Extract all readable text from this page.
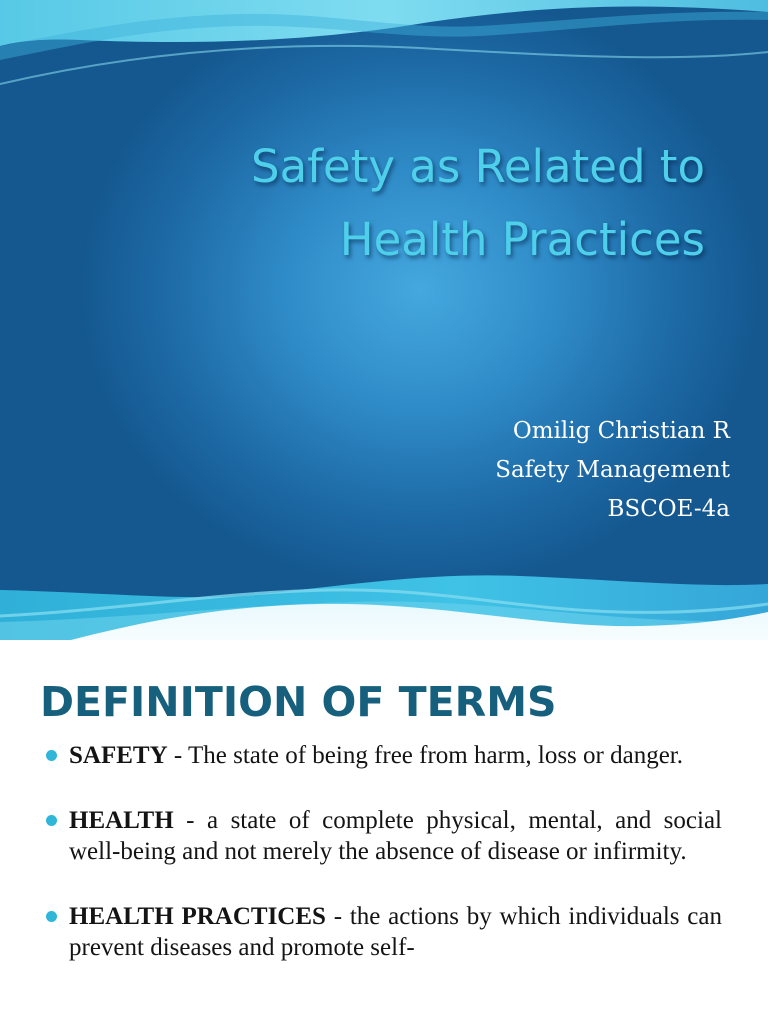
Safety as Related to
Health Practices
Omilig Christian R
Safety Management
BSCOE-4a
DEFINITION OF TERMS

SAFETY - The state of being free from harm, loss or danger.

HEALTH - a state of complete physical, mental, and social well-being and not merely the absence of disease or infirmity.

HEALTH PRACTICES - the actions by which individuals can prevent diseases and promote self-
